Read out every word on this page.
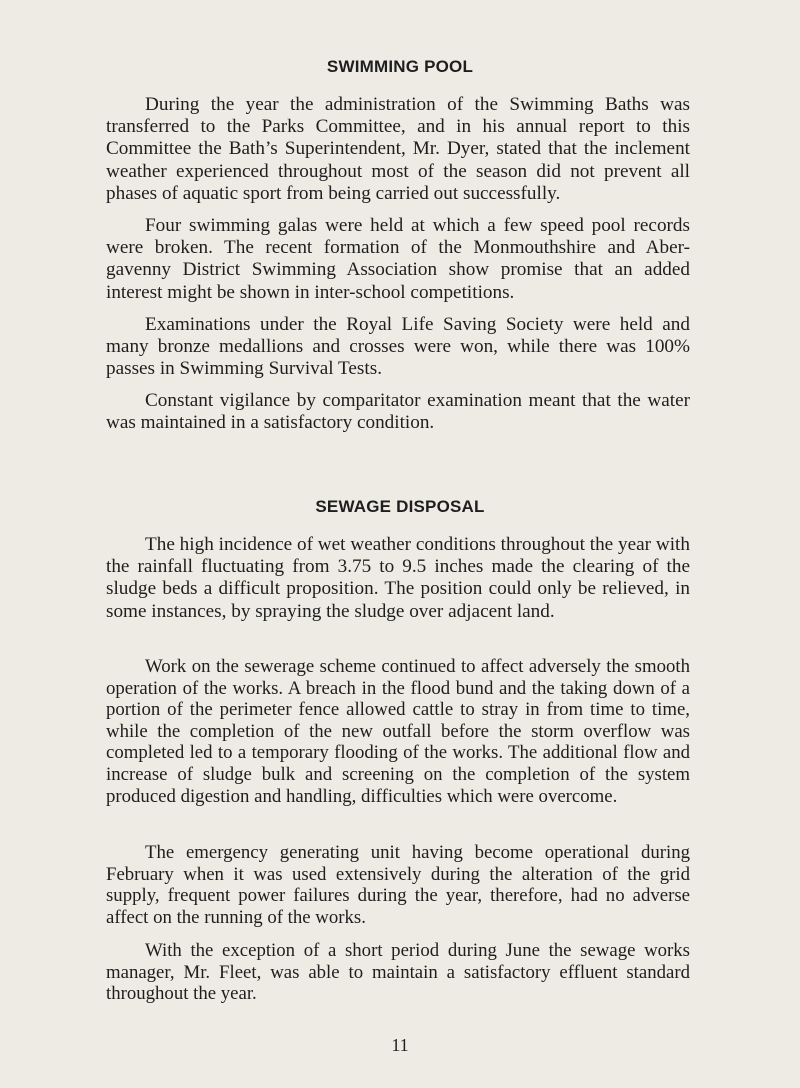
SWIMMING POOL

During the year the administration of the Swimming Baths was transferred to the Parks Committee, and in his annual report to this Committee the Bath’s Superintendent, Mr. Dyer, stated that the inclement weather experienced throughout most of the season did not prevent all phases of aquatic sport from being carried out successfully.

Four swimming galas were held at which a few speed pool records were broken. The recent formation of the Monmouthshire and Aber-gavenny District Swimming Association show promise that an added interest might be shown in inter-school competitions.

Examinations under the Royal Life Saving Society were held and many bronze medallions and crosses were won, while there was 100% passes in Swimming Survival Tests.

Constant vigilance by comparitator examination meant that the water was maintained in a satisfactory condition.

SEWAGE DISPOSAL

The high incidence of wet weather conditions throughout the year with the rainfall fluctuating from 3.75 to 9.5 inches made the clearing of the sludge beds a difficult proposition. The position could only be relieved, in some instances, by spraying the sludge over adjacent land.

Work on the sewerage scheme continued to affect adversely the smooth operation of the works. A breach in the flood bund and the taking down of a portion of the perimeter fence allowed cattle to stray in from time to time, while the completion of the new outfall before the storm overflow was completed led to a temporary flooding of the works. The additional flow and increase of sludge bulk and screening on the completion of the system produced digestion and handling, difficulties which were overcome.

The emergency generating unit having become operational during February when it was used extensively during the alteration of the grid supply, frequent power failures during the year, therefore, had no adverse affect on the running of the works.

With the exception of a short period during June the sewage works manager, Mr. Fleet, was able to maintain a satisfactory effluent standard throughout the year.

11
